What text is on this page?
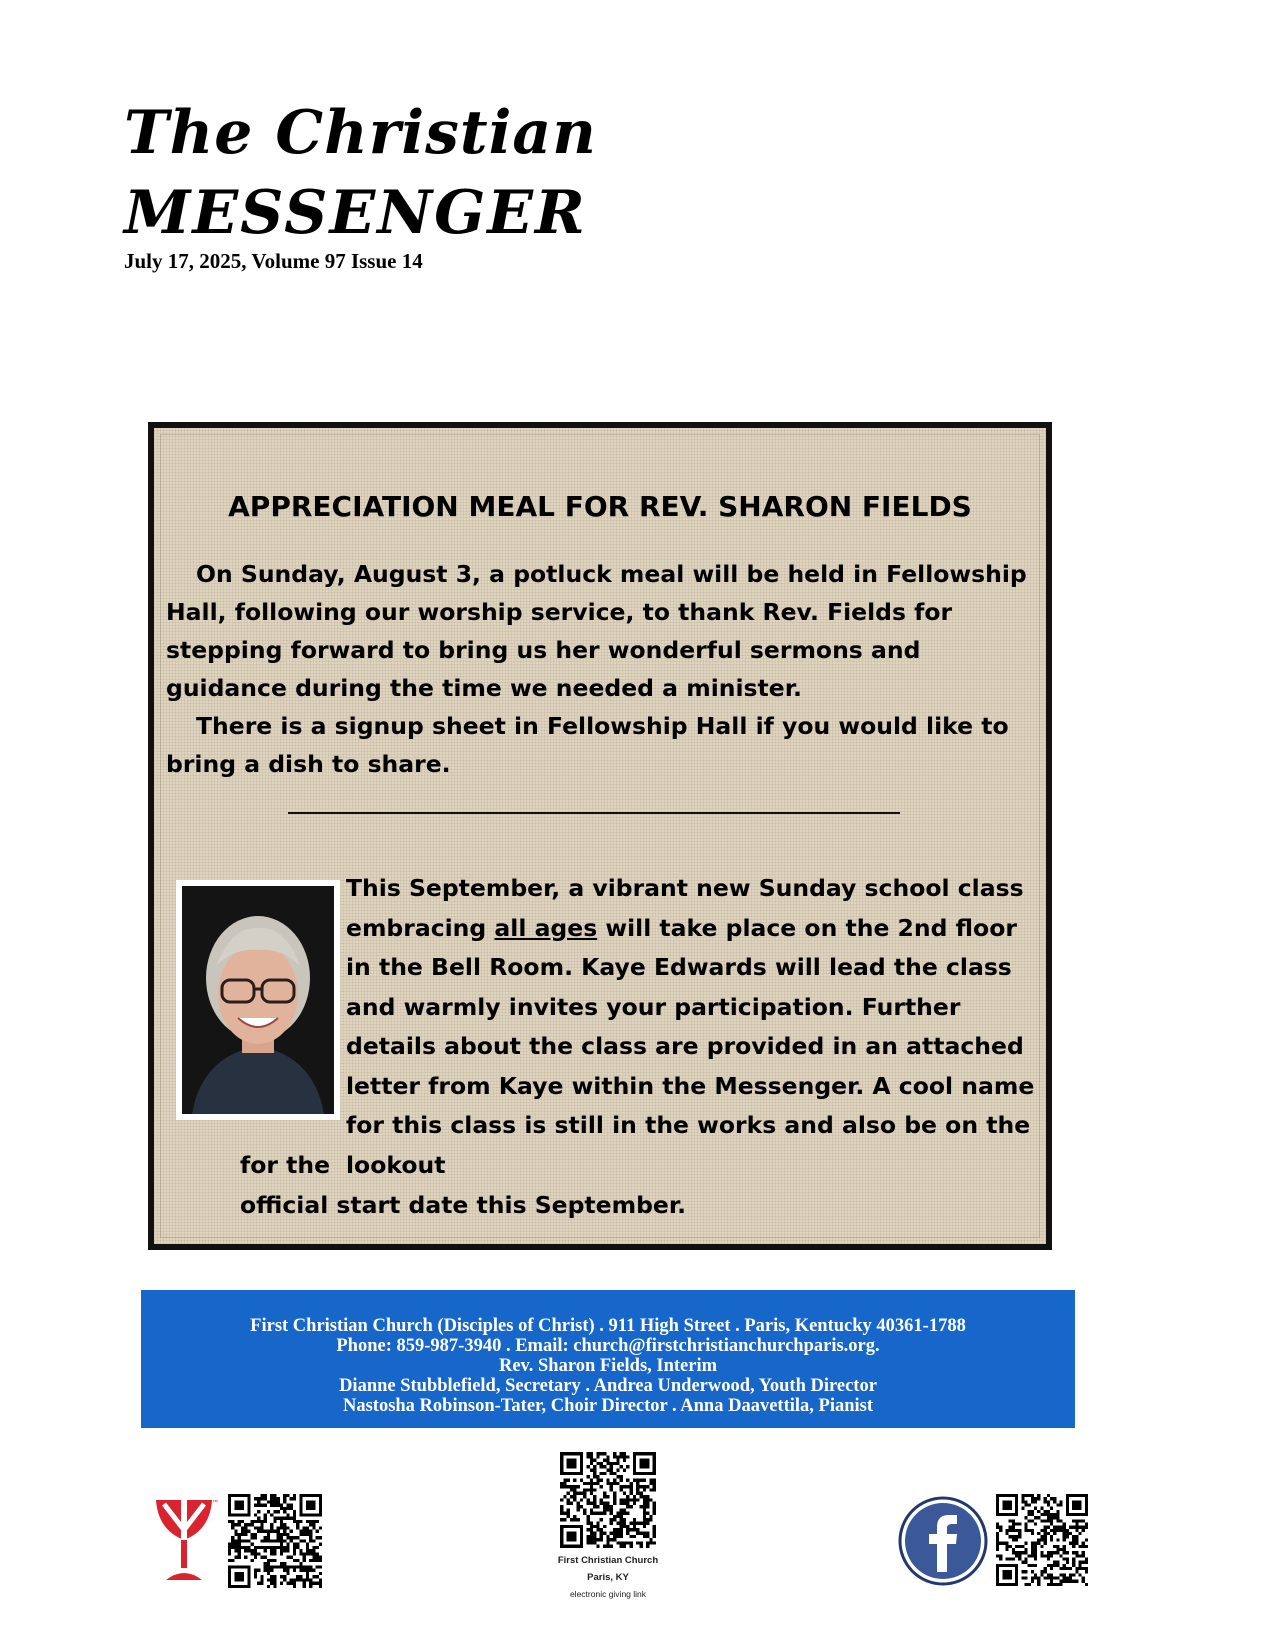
The Christian
MESSENGER
July 17, 2025, Volume 97 Issue 14
APPRECIATION MEAL FOR REV. SHARON FIELDS

On Sunday, August 3, a potluck meal will be held in Fellowship Hall, following our worship service, to thank Rev. Fields for stepping forward to bring us her wonderful sermons and guidance during the time we needed a minister.

There is a signup sheet in Fellowship Hall if you would like to bring a dish to share.

This September, a vibrant new Sunday school class embracing all ages will take place on the 2nd floor in the Bell Room. Kaye Edwards will lead the class and warmly invites your participation. Further details about the class are provided in an attached letter from Kaye within the Messenger. A cool name for this class is still in the works and also be on the lookout

for the
official start date this September.

First Christian Church (Disciples of Christ) . 911 High Street . Paris, Kentucky 40361-1788
Phone: 859-987-3940 . Email: church@firstchristianchurchparis.org.
Rev. Sharon Fields, Interim
Dianne Stubblefield, Secretary . Andrea Underwood, Youth Director
Nastosha Robinson-Tater, Choir Director . Anna Daavettila, Pianist
™
First Christian Church
Paris, KY
electronic giving link
